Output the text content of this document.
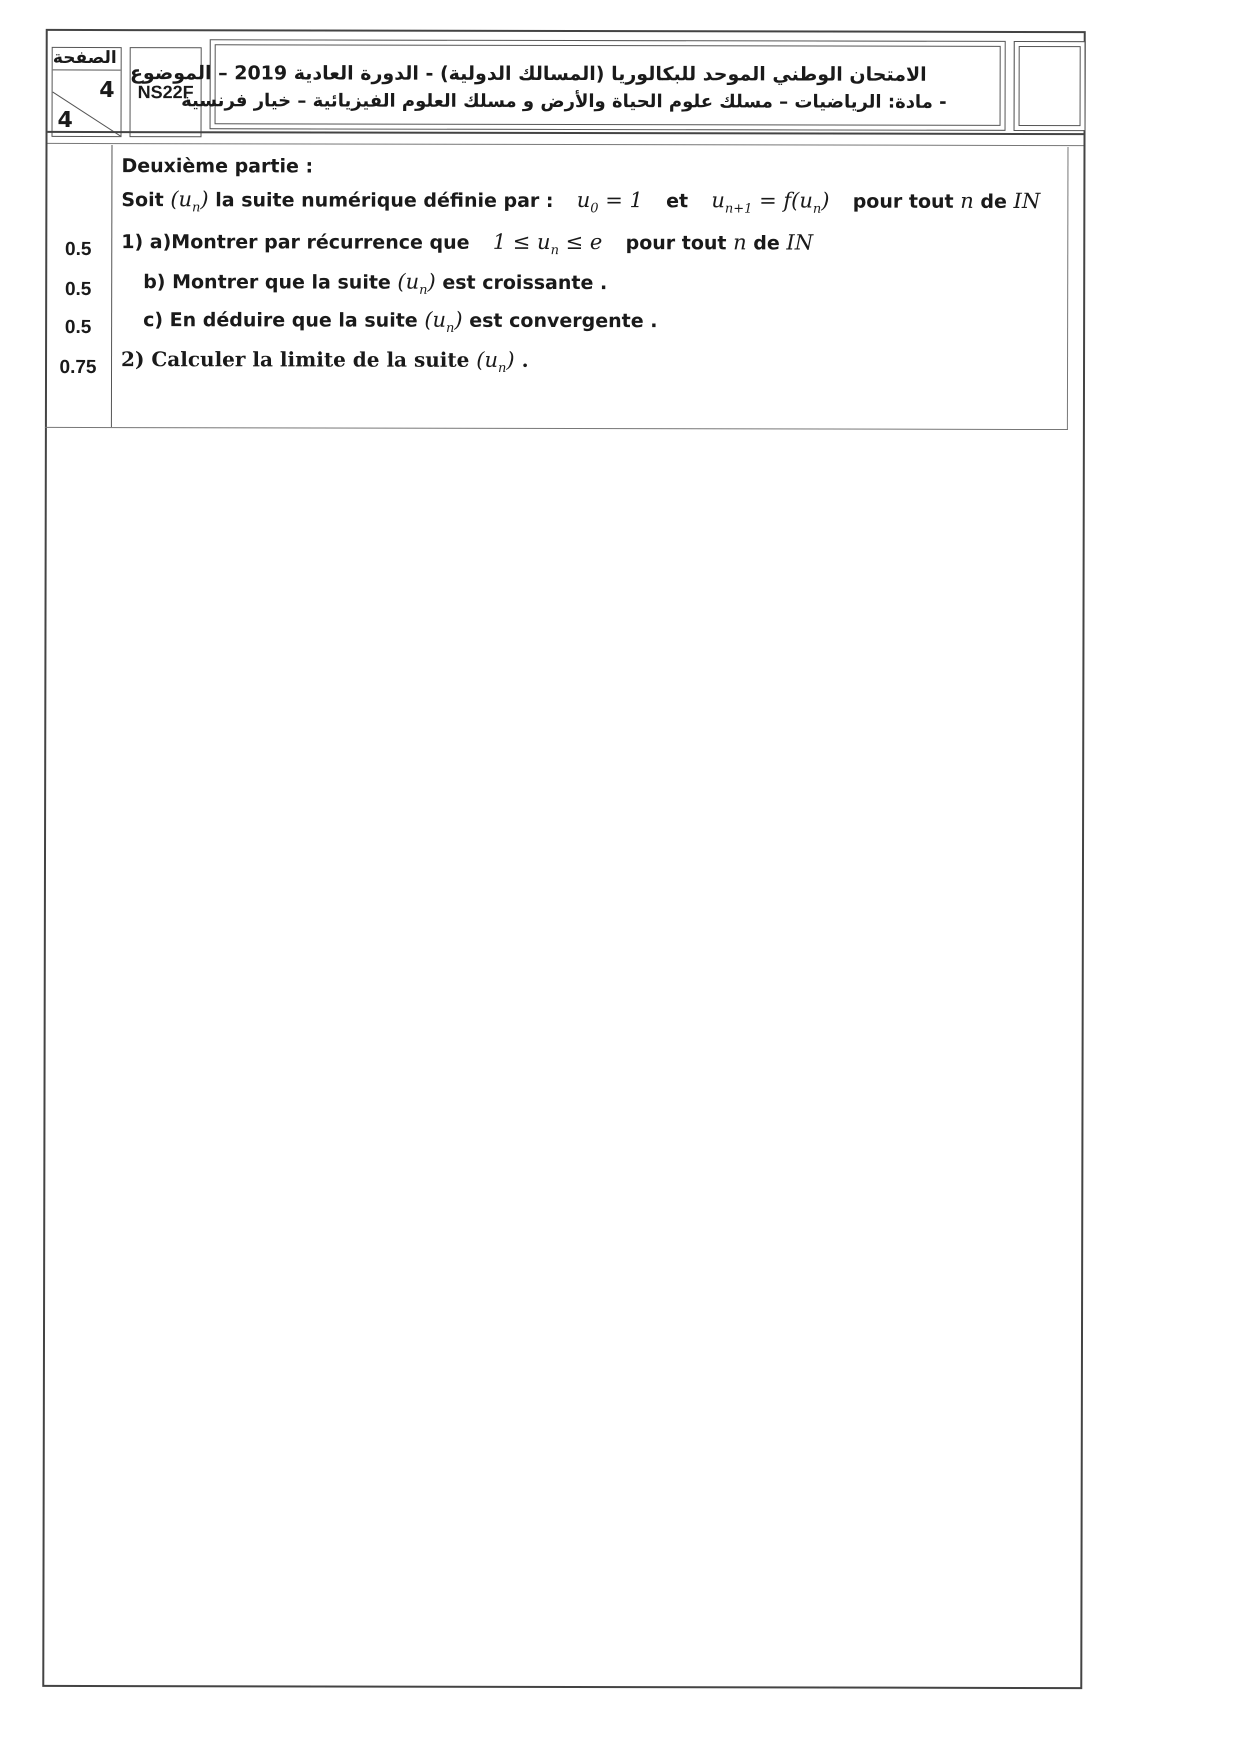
الصفحة
4
4
NS22F
الامتحان الوطني الموحد للبكالوريا (المسالك الدولية) - الدورة العادية 2019 – الموضوع
- مادة: الرياضيات – مسلك علوم الحياة والأرض و مسلك العلوم الفيزيائية – خيار فرنسية
Deuxième partie :
Soit $(u_n)$ la suite numérique définie par : $u_0 = 1$ et $u_{n+1} = f(u_n)$ pour tout n de IN
0.5	1) a)Montrer par récurrence que $1 \le u_n \le e$ pour tout n de IN
0.5	b) Montrer que la suite $(u_n)$ est croissante .
0.5	c) En déduire que la suite $(u_n)$ est convergente .
0.75	2) Calculer la limite de la suite $(u_n)$ .
